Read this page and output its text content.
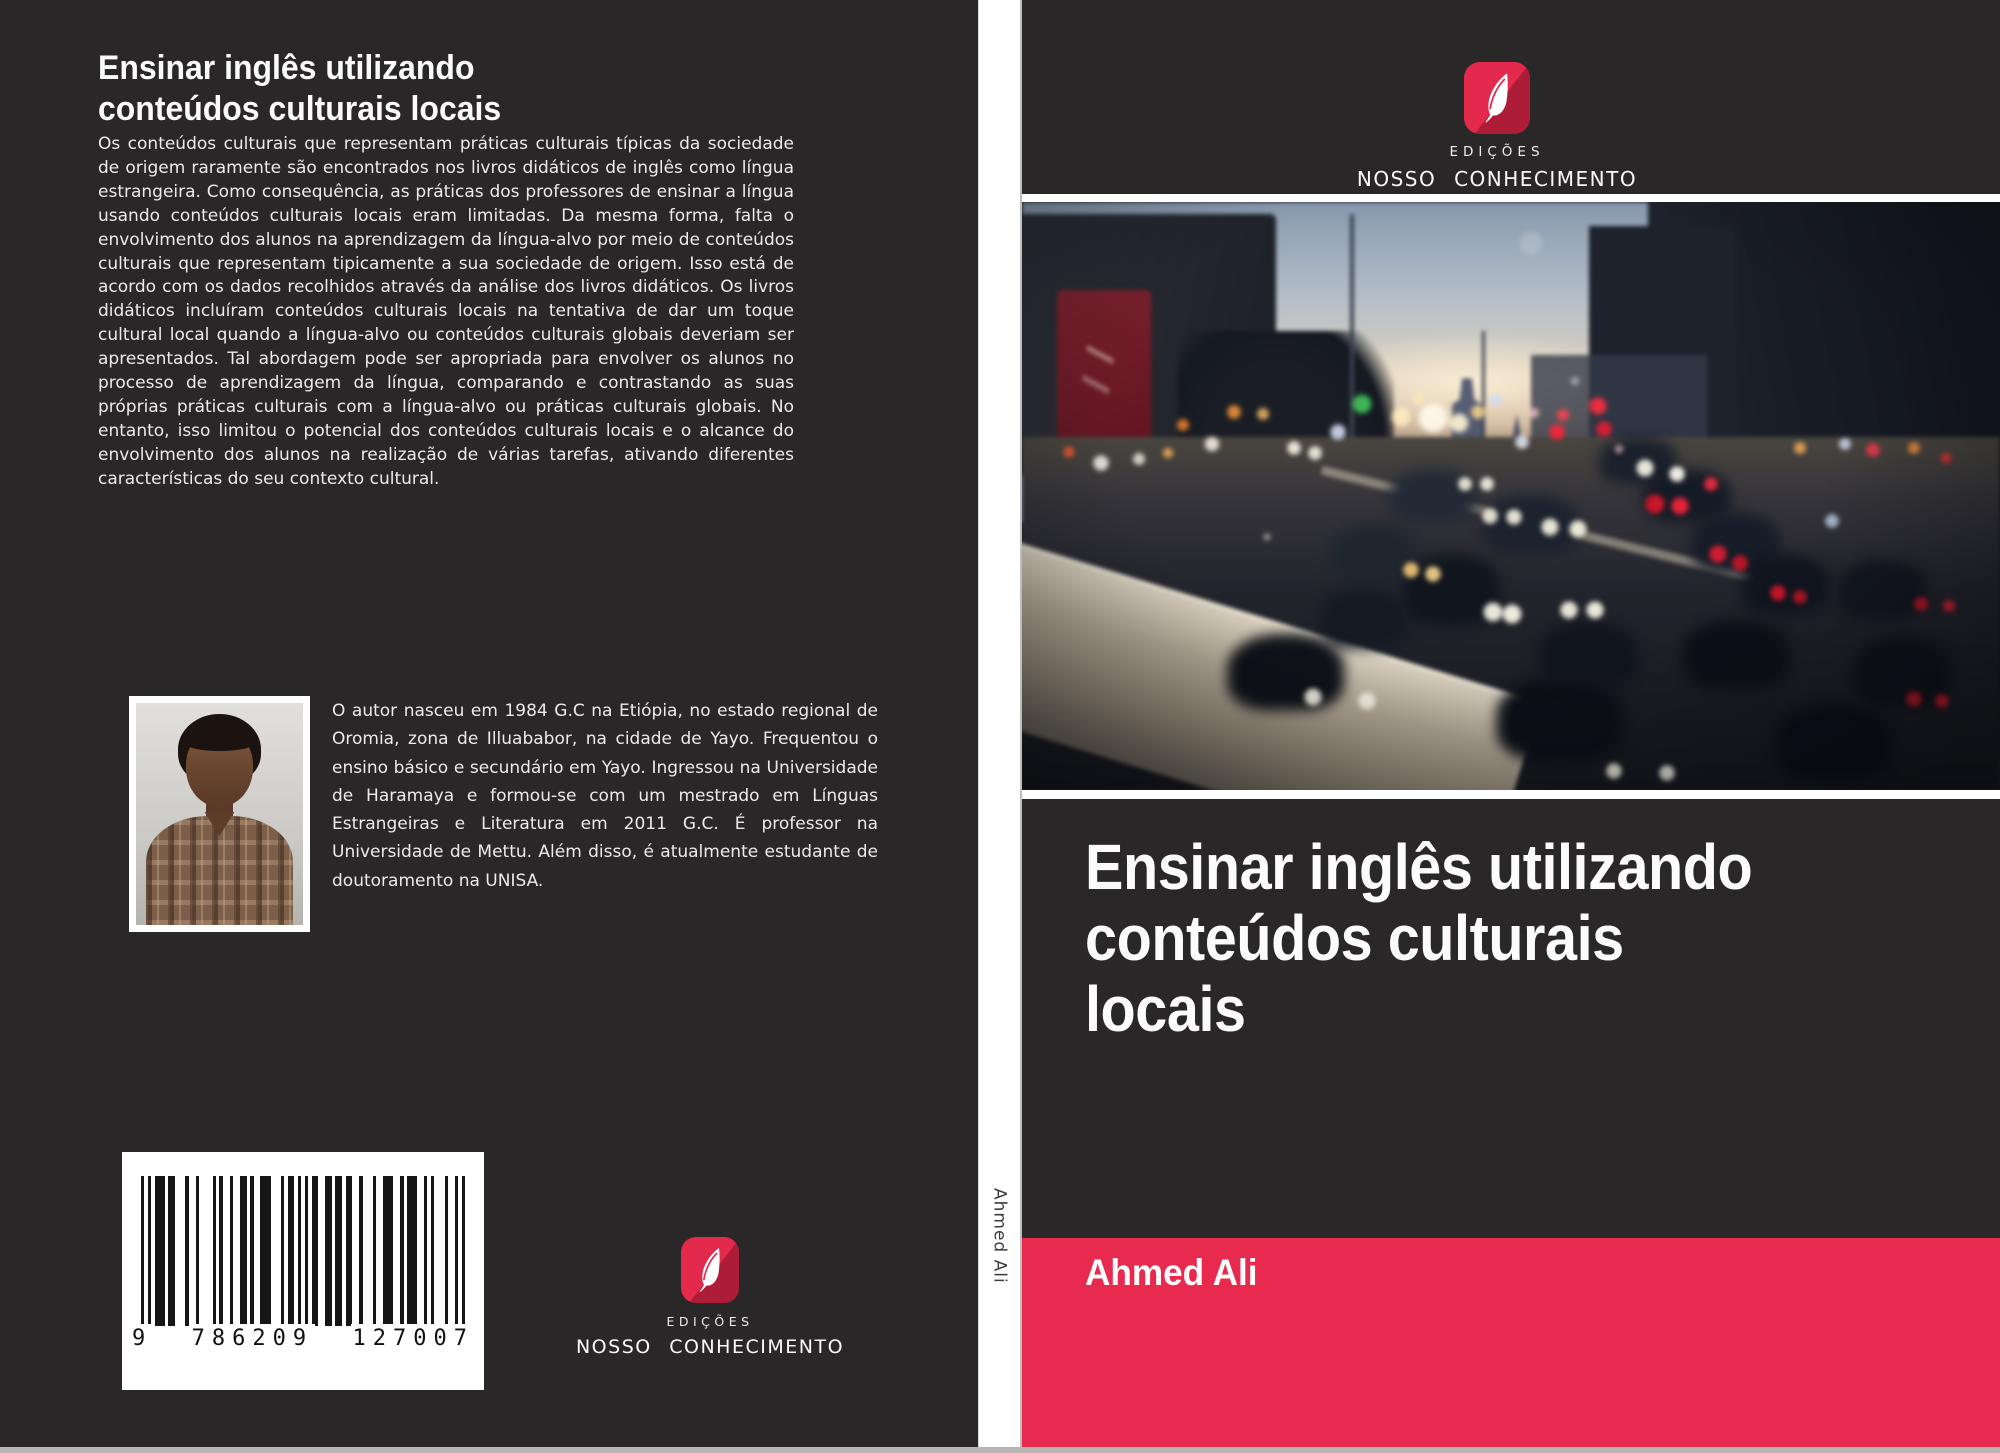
Ensinar inglês utilizando
conteúdos culturais locais
Os conteúdos culturais que representam práticas culturais típicas da sociedade de origem raramente são encontrados nos livros didáticos de inglês como língua estrangeira. Como consequência, as práticas dos professores de ensinar a língua usando conteúdos culturais locais eram limitadas. Da mesma forma, falta o envolvimento dos alunos na aprendizagem da língua-alvo por meio de conteúdos culturais que representam tipicamente a sua sociedade de origem. Isso está de acordo com os dados recolhidos através da análise dos livros didáticos. Os livros didáticos incluíram conteúdos culturais locais na tentativa de dar um toque cultural local quando a língua-alvo ou conteúdos culturais globais deveriam ser apresentados. Tal abordagem pode ser apropriada para envolver os alunos no processo de aprendizagem da língua, comparando e contrastando as suas próprias práticas culturais com a língua-alvo ou práticas culturais globais. No entanto, isso limitou o potencial dos conteúdos culturais locais e o alcance do envolvimento dos alunos na realização de várias tarefas, ativando diferentes características do seu contexto cultural.
O autor nasceu em 1984 G.C na Etiópia, no estado regional de Oromia, zona de Illuababor, na cidade de Yayo. Frequentou o ensino básico e secundário em Yayo. Ingressou na Universidade de Haramaya e formou-se com um mestrado em Línguas Estrangeiras e Literatura em 2011 G.C. É professor na Universidade de Mettu. Além disso, é atualmente estudante de doutoramento na UNISA.
9 786209 127007
EDIÇÕES
NOSSO CONHECIMENTO
Ahmed Ali
EDIÇÕES
NOSSO CONHECIMENTO
Ensinar inglês utilizando
conteúdos culturais
locais
Ahmed Ali
